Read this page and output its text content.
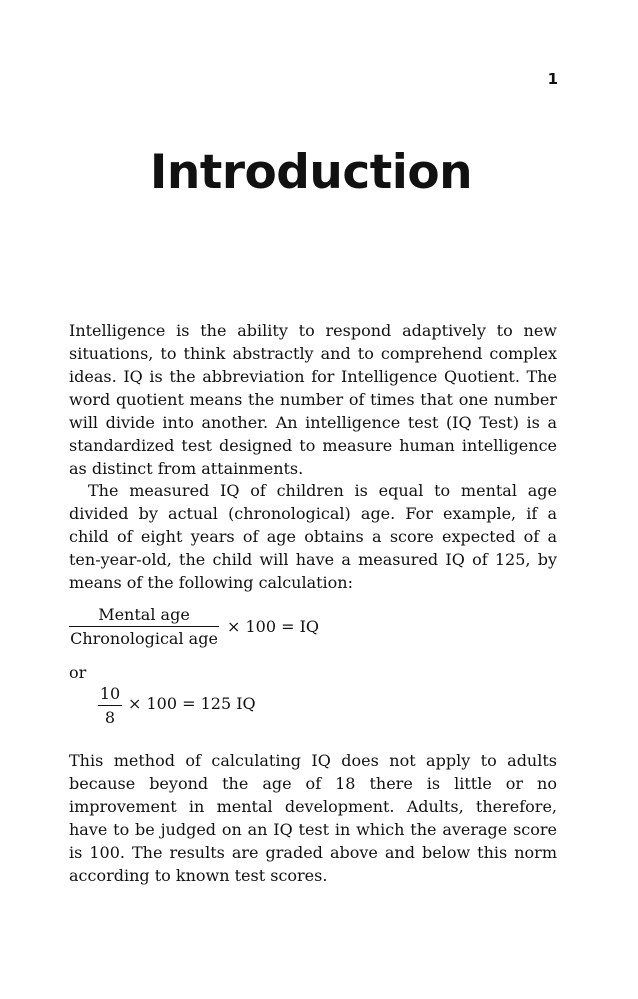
1
Introduction

Intelligence is the ability to respond adaptively to new situations, to think abstractly and to comprehend complex ideas. IQ is the abbreviation for Intelligence Quotient. The word quotient means the number of times that one number will divide into another. An intelligence test (IQ Test) is a standardized test designed to measure human intelligence as distinct from attainments.

The measured IQ of children is equal to mental age divided by actual (chronological) age. For example, if a child of eight years of age obtains a score expected of a ten-year-old, the child will have a measured IQ of 125, by means of the following calculation:

Mental age
Chronological age
× 100 = IQ
or
$\frac{10}{8} \times 100 = 125$ IQ

This method of calculating IQ does not apply to adults because beyond the age of 18 there is little or no improvement in mental development. Adults, therefore, have to be judged on an IQ test in which the average score is 100. The results are graded above and below this norm according to known test scores.
